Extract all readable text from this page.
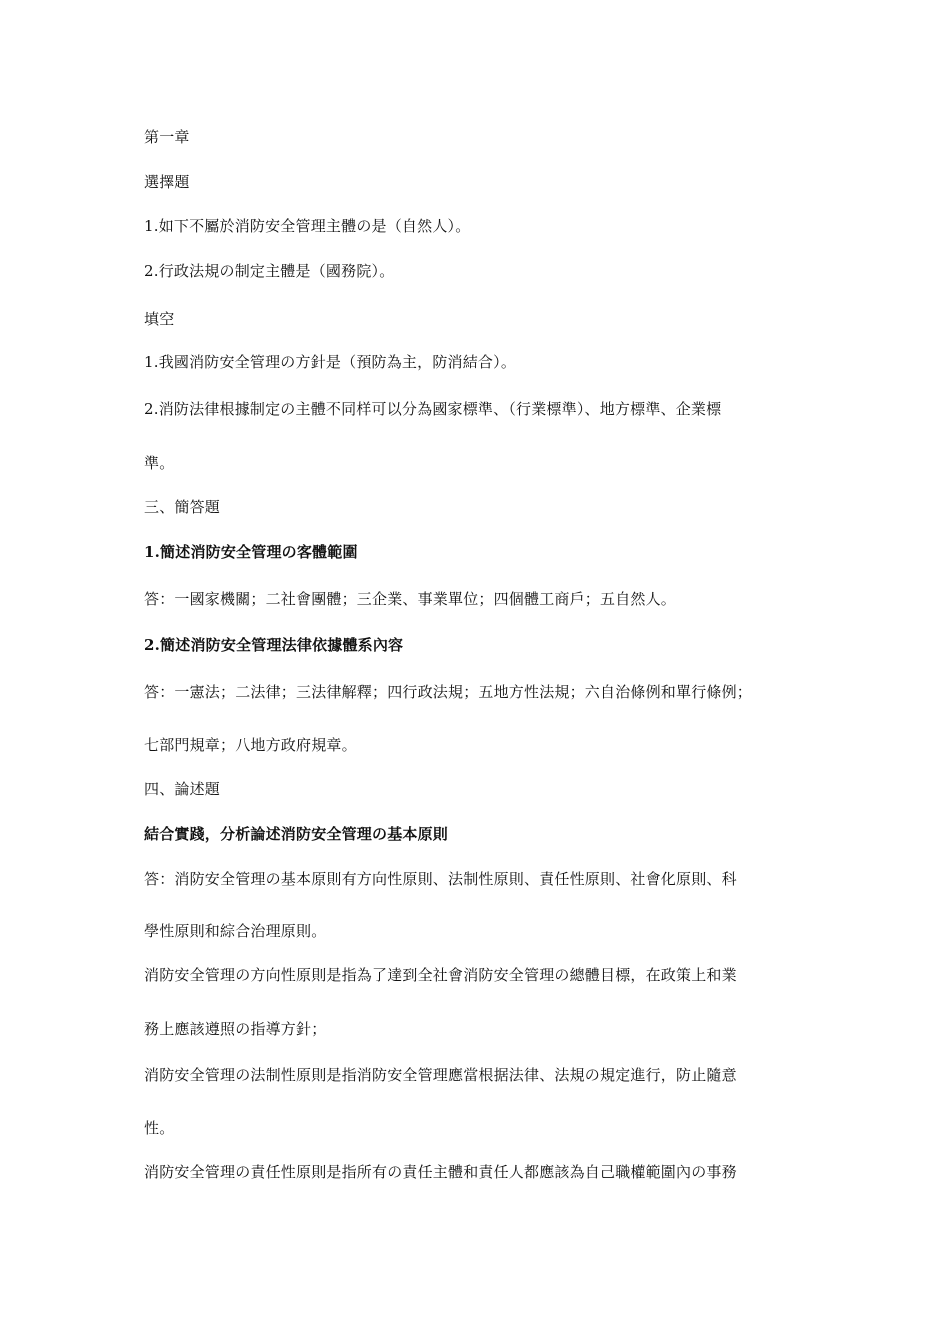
第一章
選擇題
1.如下不屬於消防安全管理主體の是（自然人）。
2.行政法規の制定主體是（國務院）。
填空
1.我國消防安全管理の方針是（預防為主，防消結合）。
2.消防法律根據制定の主體不同样可以分為國家標準、（行業標準）、地方標準、企業標
準。
三、簡答題
1.簡述消防安全管理の客體範圍
答：一國家機關；二社會團體；三企業、事業單位；四個體工商戶；五自然人。
2.簡述消防安全管理法律依據體系內容
答：一憲法；二法律；三法律解釋；四行政法規；五地方性法規；六自治條例和單行條例；
七部門規章；八地方政府規章。
四、論述題
結合實踐，分析論述消防安全管理の基本原則
答：消防安全管理の基本原則有方向性原則、法制性原則、責任性原則、社會化原則、科
學性原則和綜合治理原則。
消防安全管理の方向性原則是指為了達到全社會消防安全管理の總體目標，在政策上和業
務上應該遵照の指導方針；
消防安全管理の法制性原則是指消防安全管理應當根据法律、法規の規定進行，防止隨意
性。
消防安全管理の責任性原則是指所有の責任主體和責任人都應該為自己職權範圍內の事務
